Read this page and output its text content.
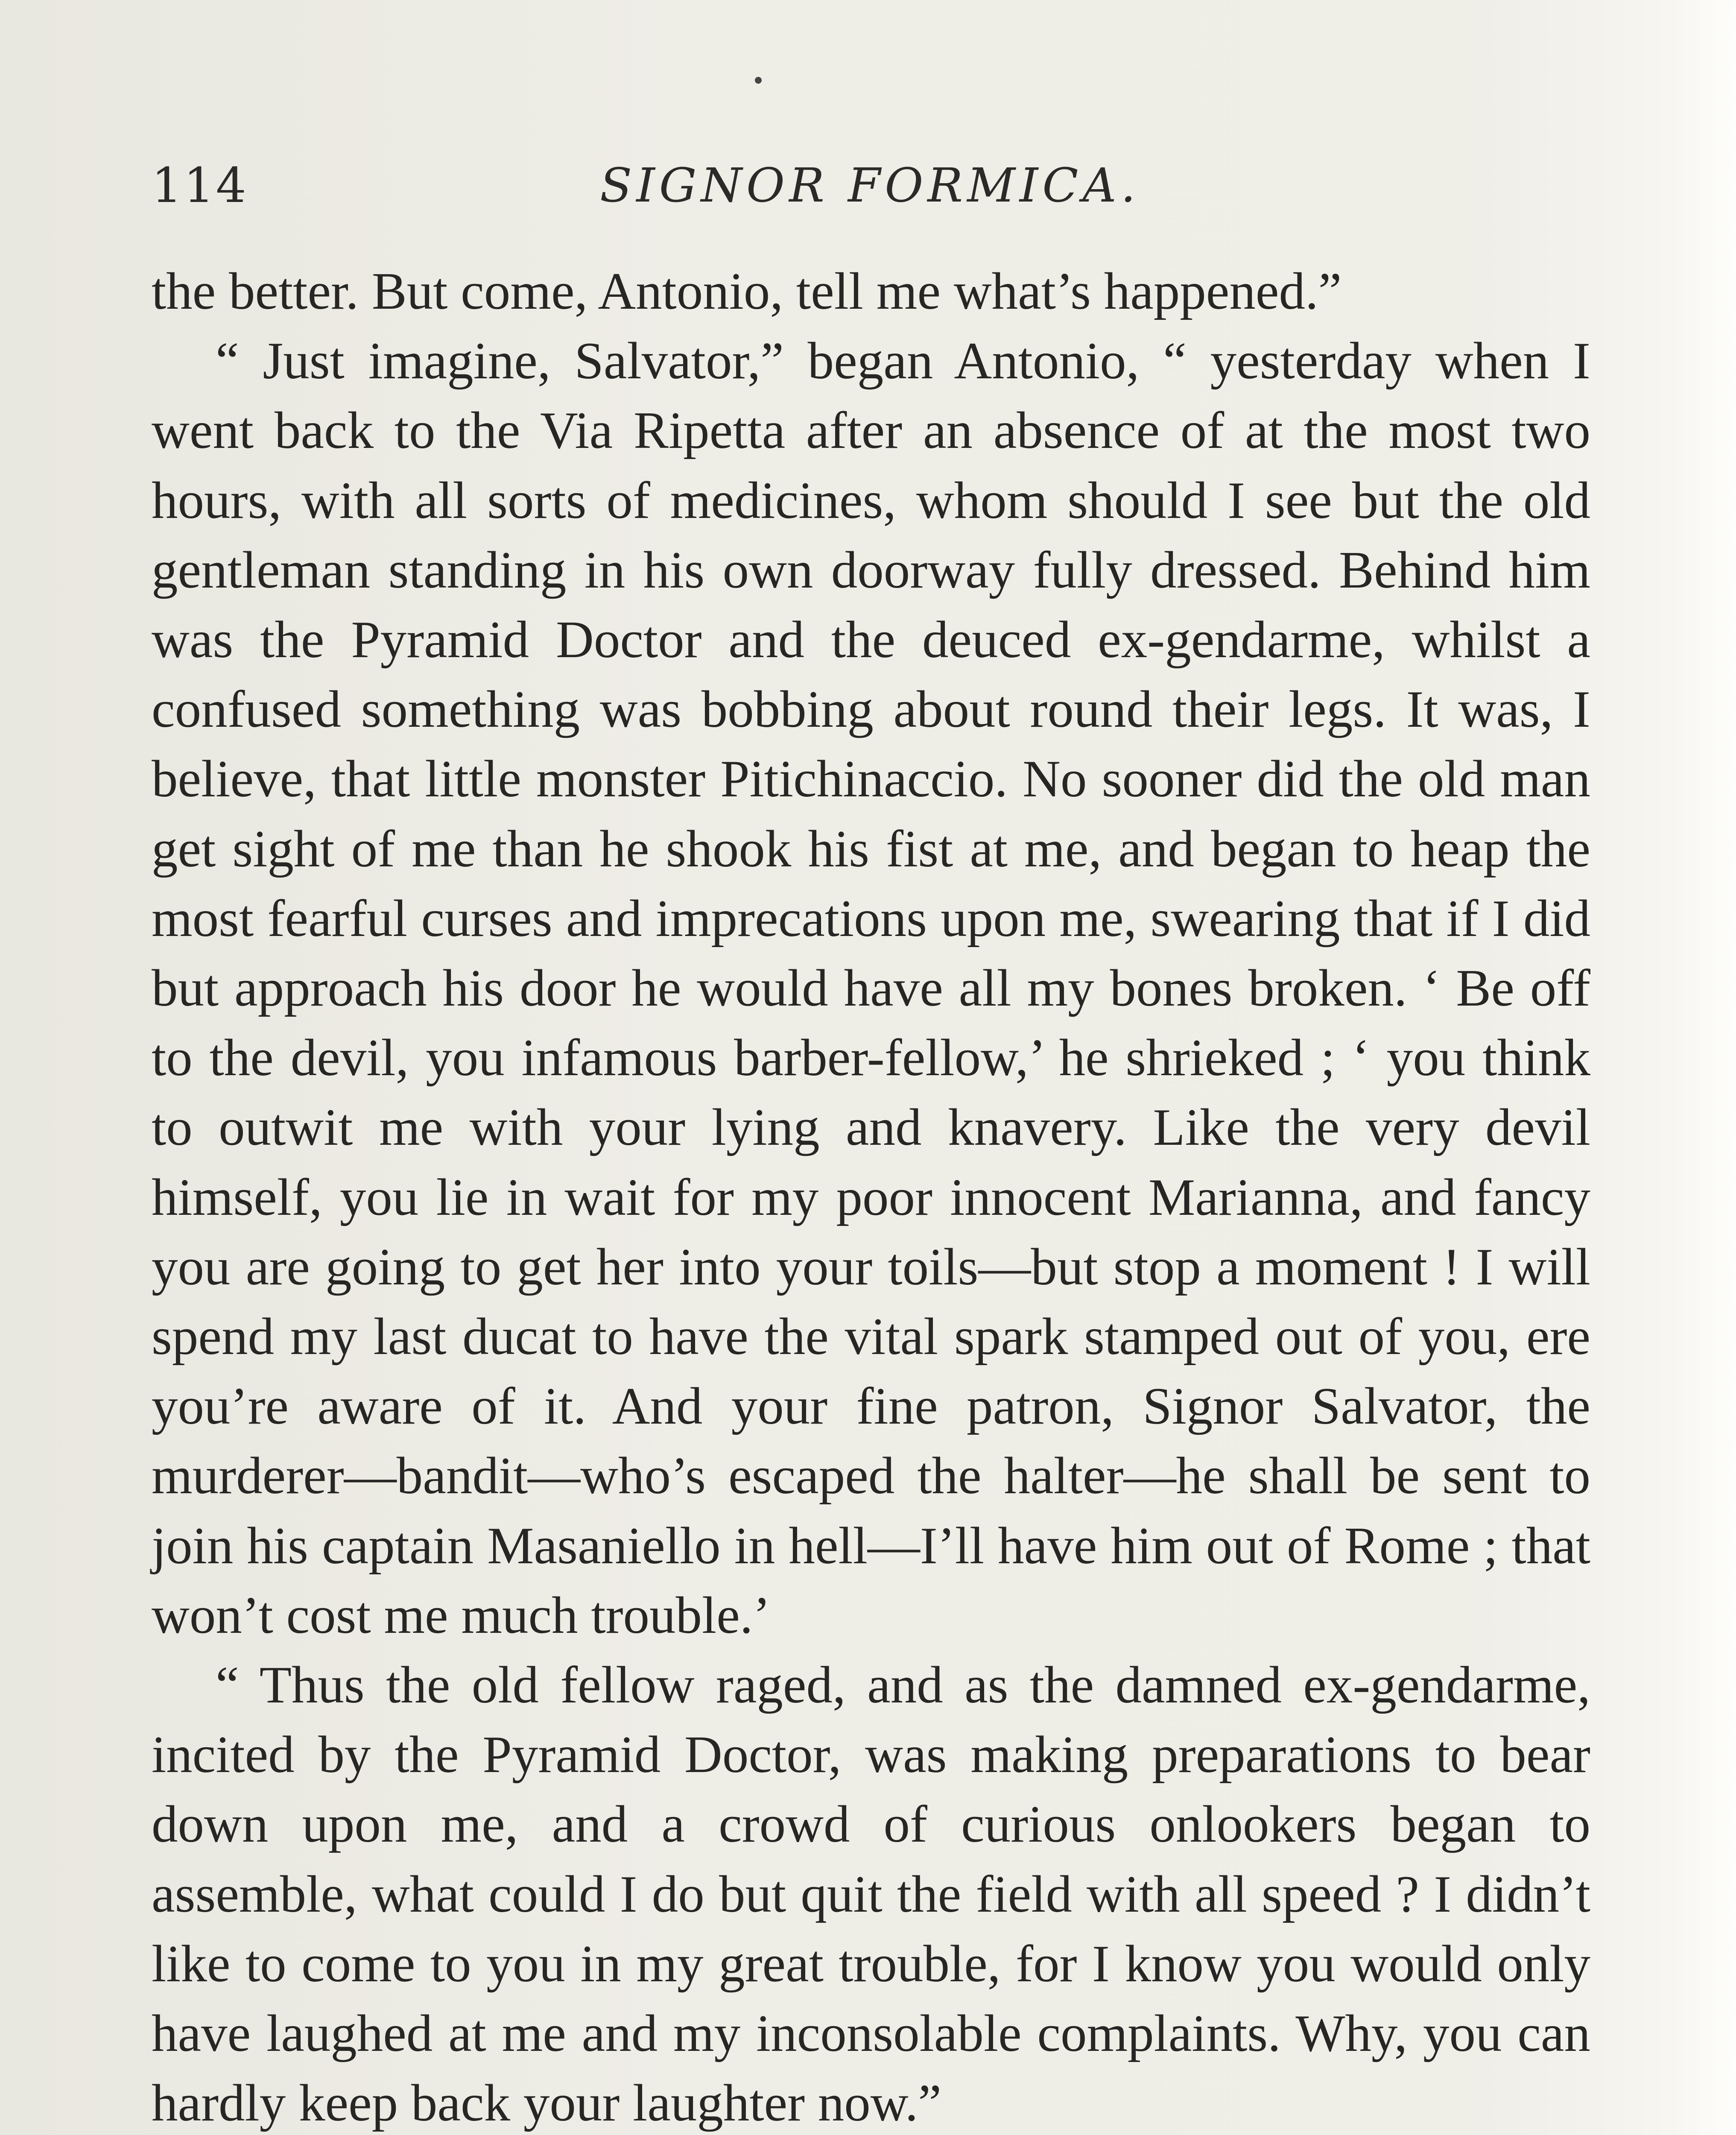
114	SIGNOR FORMICA.

the better. But come, Antonio, tell me what’s happened.”

“ Just imagine, Salvator,” began Antonio, “ yesterday when I went back to the Via Ripetta after an absence of at the most two hours, with all sorts of medicines, whom should I see but the old gentleman standing in his own doorway fully dressed. Behind him was the Pyramid Doctor and the deuced ex-gendarme, whilst a confused something was bobbing about round their legs. It was, I believe, that little monster Pitichinaccio. No sooner did the old man get sight of me than he shook his fist at me, and began to heap the most fearful curses and imprecations upon me, swearing that if I did but approach his door he would have all my bones broken. ‘ Be off to the devil, you infamous barber-fellow,’ he shrieked ; ‘ you think to outwit me with your lying and knavery. Like the very devil himself, you lie in wait for my poor innocent Marianna, and fancy you are going to get her into your toils—but stop a moment ! I will spend my last ducat to have the vital spark stamped out of you, ere you’re aware of it. And your fine patron, Signor Salvator, the murderer—bandit—who’s escaped the halter—he shall be sent to join his captain Masaniello in hell—I’ll have him out of Rome ; that won’t cost me much trouble.’

“ Thus the old fellow raged, and as the damned ex-gendarme, incited by the Pyramid Doctor, was making preparations to bear down upon me, and a crowd of curious onlookers began to assemble, what could I do but quit the field with all speed ? I didn’t like to come to you in my great trouble, for I know you would only have laughed at me and my inconsolable complaints. Why, you can hardly keep back your laughter now.”
